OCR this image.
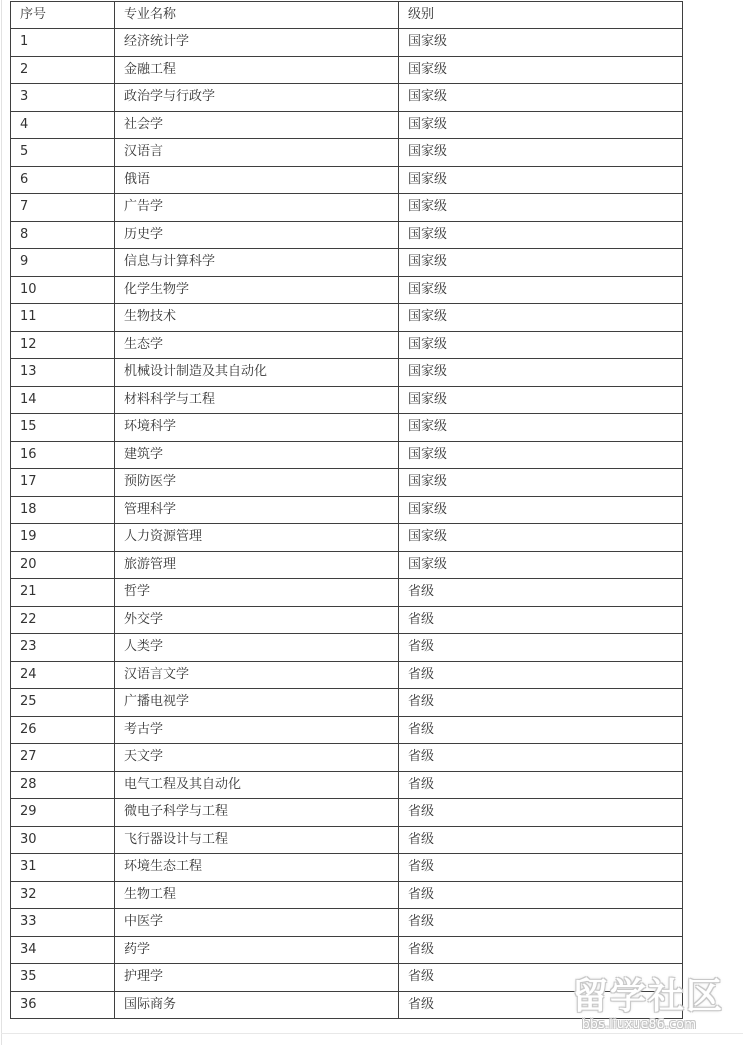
序号	专业名称	级别
1	经济统计学	国家级
2	金融工程	国家级
3	政治学与行政学	国家级
4	社会学	国家级
5	汉语言	国家级
6	俄语	国家级
7	广告学	国家级
8	历史学	国家级
9	信息与计算科学	国家级
10	化学生物学	国家级
11	生物技术	国家级
12	生态学	国家级
13	机械设计制造及其自动化	国家级
14	材料科学与工程	国家级
15	环境科学	国家级
16	建筑学	国家级
17	预防医学	国家级
18	管理科学	国家级
19	人力资源管理	国家级
20	旅游管理	国家级
21	哲学	省级
22	外交学	省级
23	人类学	省级
24	汉语言文学	省级
25	广播电视学	省级
26	考古学	省级
27	天文学	省级
28	电气工程及其自动化	省级
29	微电子科学与工程	省级
30	飞行器设计与工程	省级
31	环境生态工程	省级
32	生物工程	省级
33	中医学	省级
34	药学	省级
35	护理学	省级
36	国际商务	省级	留学社区
bbs.liuxue86.com
